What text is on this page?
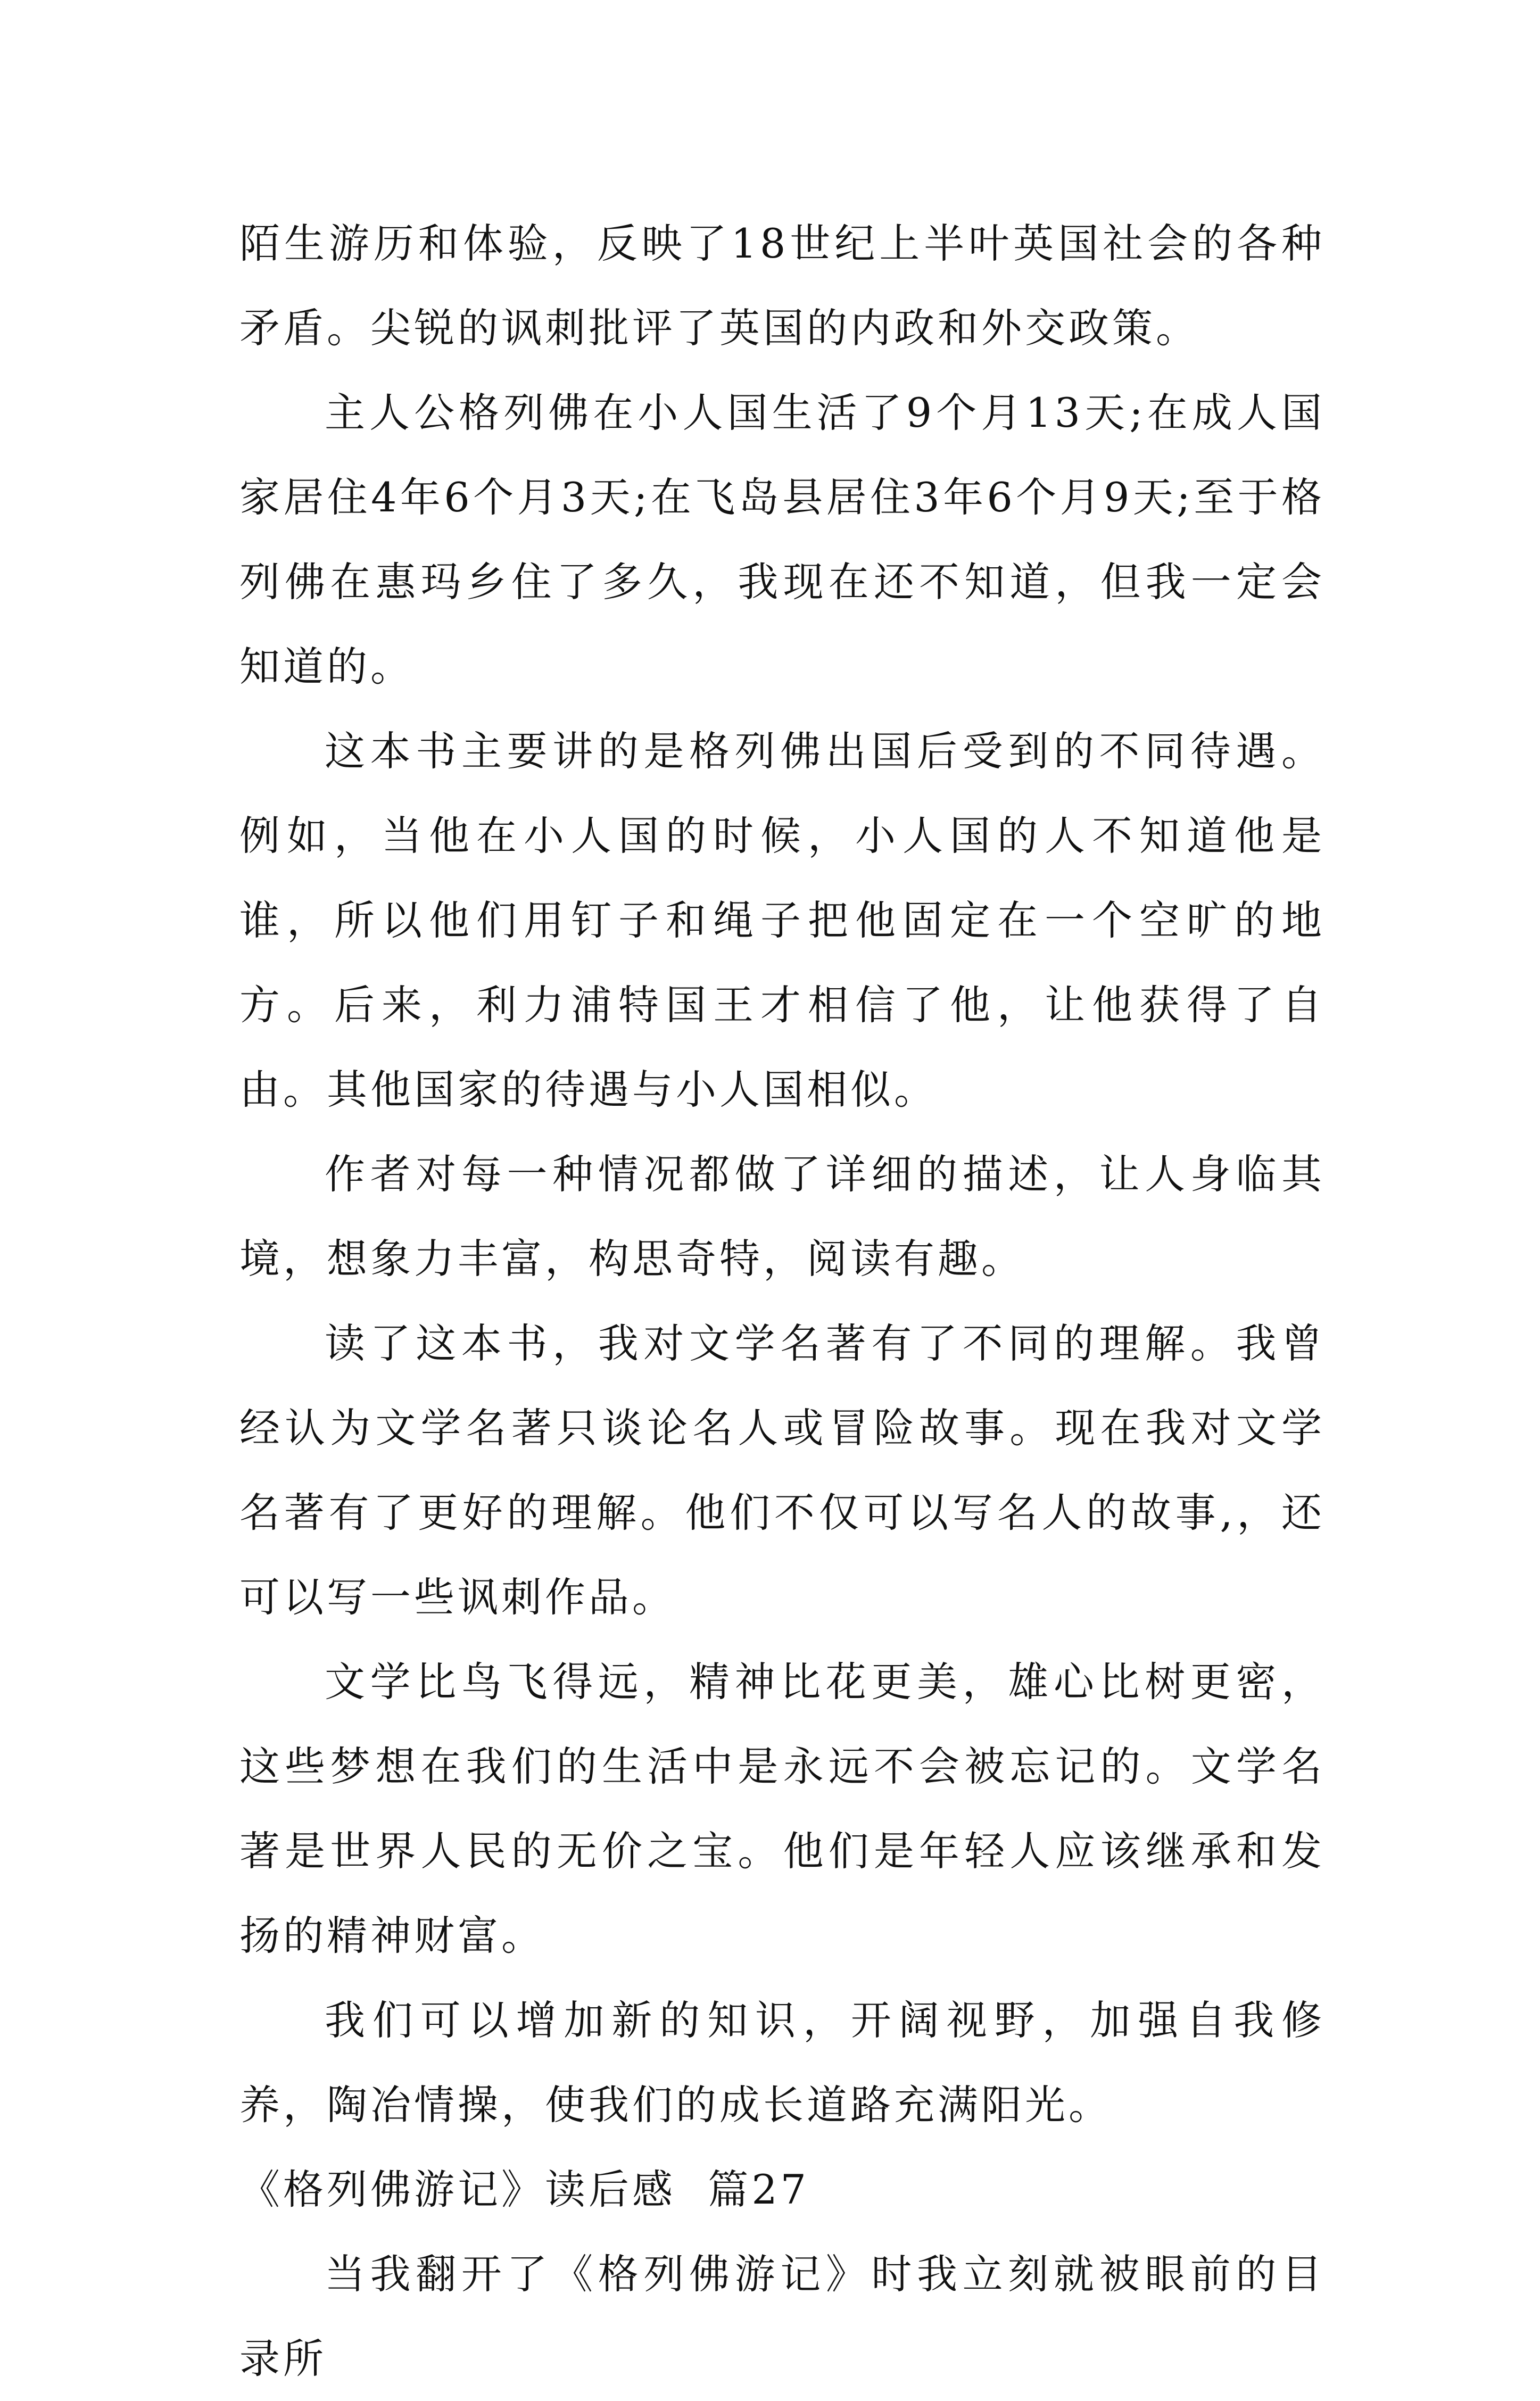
陌生游历和体验，反映了18世纪上半叶英国社会的各种矛盾。尖锐的讽刺批评了英国的内政和外交政策。

主人公格列佛在小人国生活了9个月13天;在成人国家居住4年6个月3天;在飞岛县居住3年6个月9天;至于格列佛在惠玛乡住了多久，我现在还不知道，但我一定会知道的。

这本书主要讲的是格列佛出国后受到的不同待遇。例如，当他在小人国的时候，小人国的人不知道他是谁，所以他们用钉子和绳子把他固定在一个空旷的地方。后来，利力浦特国王才相信了他，让他获得了自由。其他国家的待遇与小人国相似。

作者对每一种情况都做了详细的描述，让人身临其境，想象力丰富，构思奇特，阅读有趣。

读了这本书，我对文学名著有了不同的理解。我曾经认为文学名著只谈论名人或冒险故事。现在我对文学名著有了更好的理解。他们不仅可以写名人的故事,，还可以写一些讽刺作品。

文学比鸟飞得远，精神比花更美，雄心比树更密，这些梦想在我们的生活中是永远不会被忘记的。文学名著是世界人民的无价之宝。他们是年轻人应该继承和发扬的精神财富。

我们可以增加新的知识，开阔视野，加强自我修养，陶冶情操，使我们的成长道路充满阳光。

《格列佛游记》读后感  篇27

当我翻开了《格列佛游记》时我立刻就被眼前的目录所
